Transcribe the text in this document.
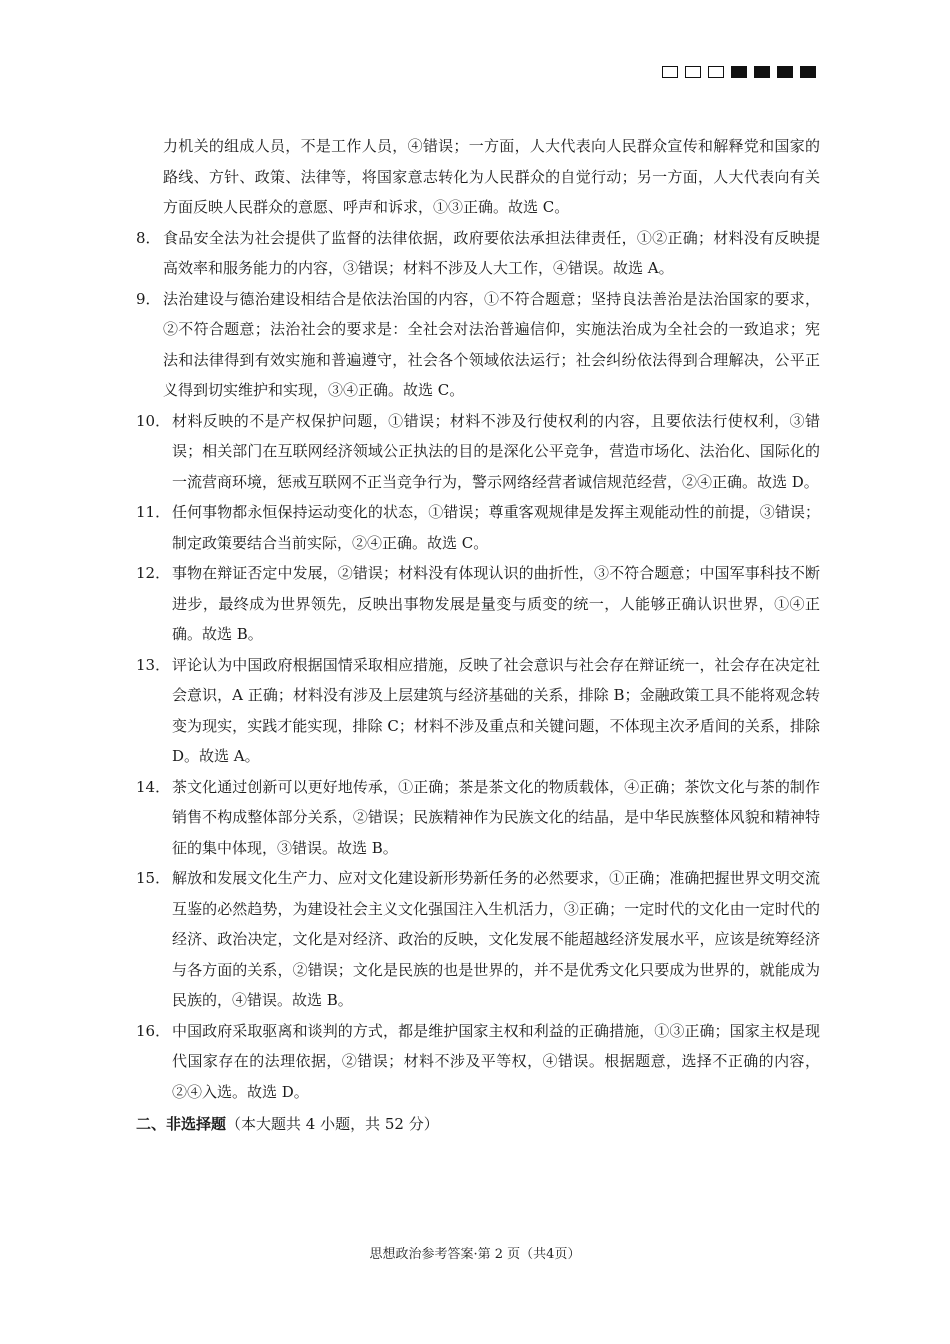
力机关的组成人员，不是工作人员，④错误；一方面，人大代表向人民群众宣传和解释党和国家的路线、方针、政策、法律等，将国家意志转化为人民群众的自觉行动；另一方面，人大代表向有关方面反映人民群众的意愿、呼声和诉求，①③正确。故选 C。

8． 食品安全法为社会提供了监督的法律依据，政府要依法承担法律责任，①②正确；材料没有反映提高效率和服务能力的内容，③错误；材料不涉及人大工作，④错误。故选 A。
9． 法治建设与德治建设相结合是依法治国的内容，①不符合题意；坚持良法善治是法治国家的要求，②不符合题意；法治社会的要求是：全社会对法治普遍信仰，实施法治成为全社会的一致追求；宪法和法律得到有效实施和普遍遵守，社会各个领域依法运行；社会纠纷依法得到合理解决，公平正义得到切实维护和实现，③④正确。故选 C。
10． 材料反映的不是产权保护问题，①错误；材料不涉及行使权利的内容，且要依法行使权利，③错误；相关部门在互联网经济领域公正执法的目的是深化公平竞争，营造市场化、法治化、国际化的一流营商环境，惩戒互联网不正当竞争行为，警示网络经营者诚信规范经营，②④正确。故选 D。
11． 任何事物都永恒保持运动变化的状态，①错误；尊重客观规律是发挥主观能动性的前提，③错误；制定政策要结合当前实际，②④正确。故选 C。
12． 事物在辩证否定中发展，②错误；材料没有体现认识的曲折性，③不符合题意；中国军事科技不断进步，最终成为世界领先，反映出事物发展是量变与质变的统一，人能够正确认识世界，①④正确。故选 B。
13． 评论认为中国政府根据国情采取相应措施，反映了社会意识与社会存在辩证统一，社会存在决定社会意识，A 正确；材料没有涉及上层建筑与经济基础的关系，排除 B；金融政策工具不能将观念转变为现实，实践才能实现，排除 C；材料不涉及重点和关键问题，不体现主次矛盾间的关系，排除 D。故选 A。
14． 茶文化通过创新可以更好地传承，①正确；茶是茶文化的物质载体，④正确；茶饮文化与茶的制作销售不构成整体部分关系，②错误；民族精神作为民族文化的结晶，是中华民族整体风貌和精神特征的集中体现，③错误。故选 B。
15． 解放和发展文化生产力、应对文化建设新形势新任务的必然要求，①正确；准确把握世界文明交流互鉴的必然趋势，为建设社会主义文化强国注入生机活力，③正确；一定时代的文化由一定时代的经济、政治决定，文化是对经济、政治的反映，文化发展不能超越经济发展水平，应该是统筹经济与各方面的关系，②错误；文化是民族的也是世界的，并不是优秀文化只要成为世界的，就能成为民族的，④错误。故选 B。
16． 中国政府采取驱离和谈判的方式，都是维护国家主权和利益的正确措施，①③正确；国家主权是现代国家存在的法理依据，②错误；材料不涉及平等权，④错误。根据题意，选择不正确的内容，②④入选。故选 D。
二、非选择题（本大题共 4 小题，共 52 分）
思想政治参考答案·第 2 页（共4页）
